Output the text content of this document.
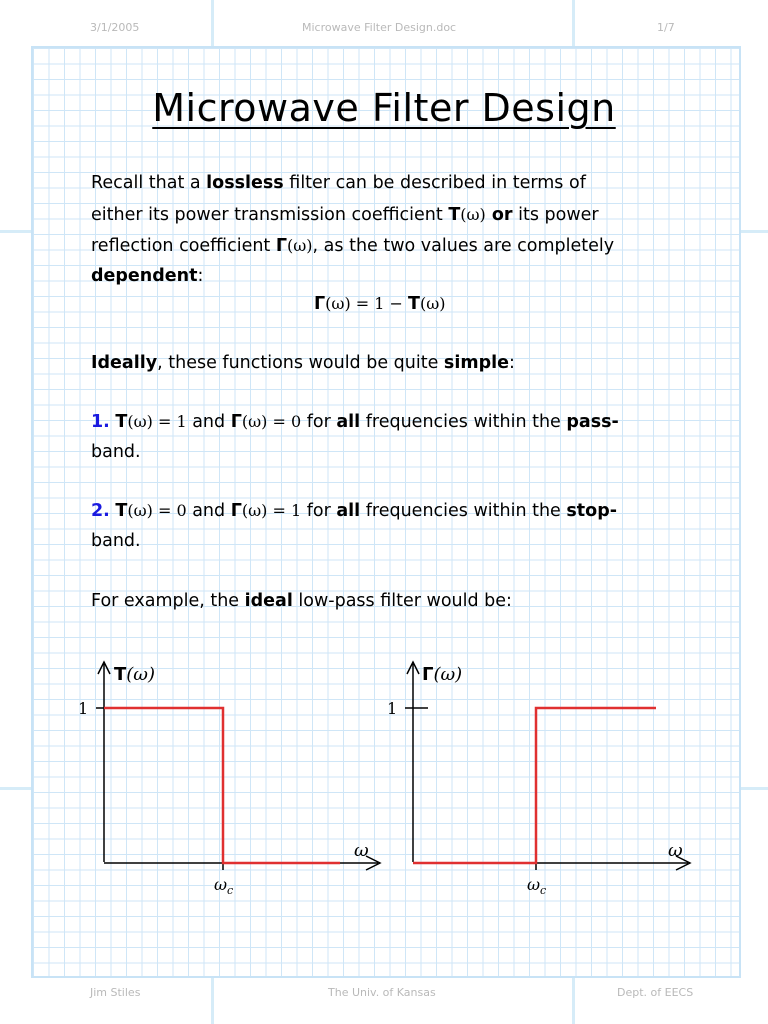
3/1/2005	Microwave Filter Design.doc	1/7
Microwave Filter Design
Recall that a lossless filter can be described in terms of
either its power transmission coefficient T(ω) or its power
reflection coefficient Γ(ω), as the two values are completely
dependent:
Γ(ω) = 1 − T(ω)
Ideally, these functions would be quite simple:
1. T(ω) = 1 and Γ(ω) = 0 for all frequencies within the pass-
band.
2. T(ω) = 0 and Γ(ω) = 1 for all frequencies within the stop-
band.
For example, the ideal low-pass filter would be:
T(ω)
1
ω
$\omega_c$
Γ(ω)
1
ω
$\omega_c$
Jim Stiles	The Univ. of Kansas	Dept. of EECS
